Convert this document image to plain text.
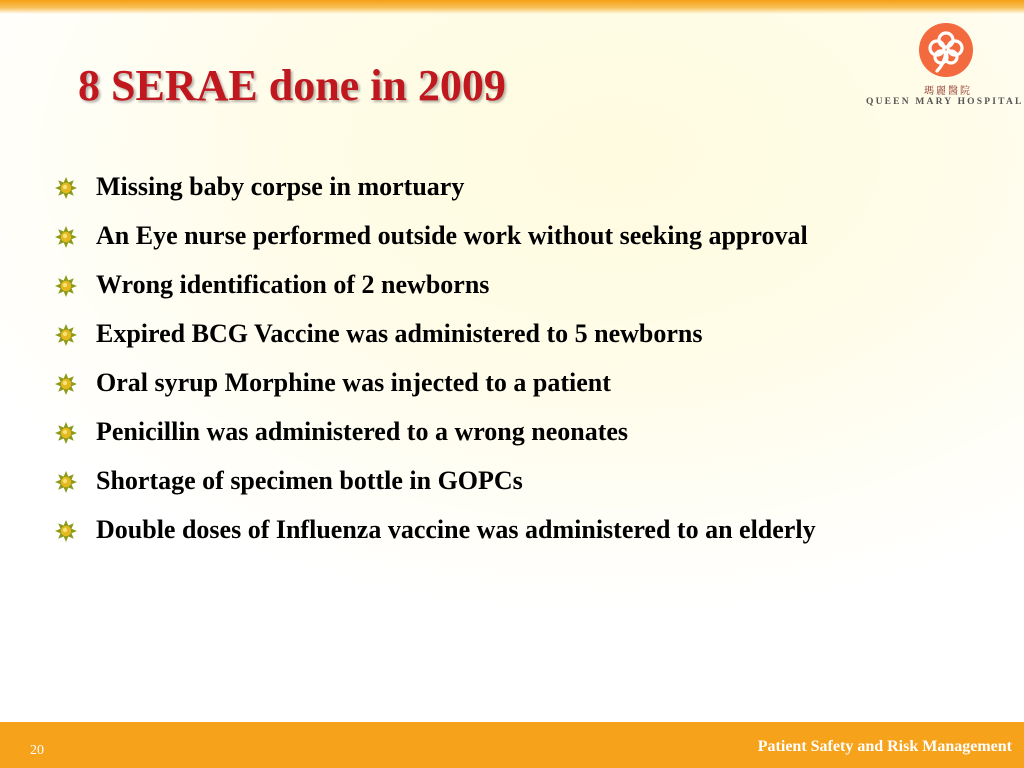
8 SERAE done in 2009	瑪麗醫院
QUEEN MARY HOSPITAL
Missing baby corpse in mortuary
An Eye nurse performed outside work without seeking approval
Wrong identification of 2 newborns
Expired BCG Vaccine was administered to 5 newborns
Oral syrup Morphine was injected to a patient
Penicillin was administered to a wrong neonates
Shortage of specimen bottle in GOPCs
Double doses of Influenza vaccine was administered to an elderly
20	Patient Safety and Risk Management
